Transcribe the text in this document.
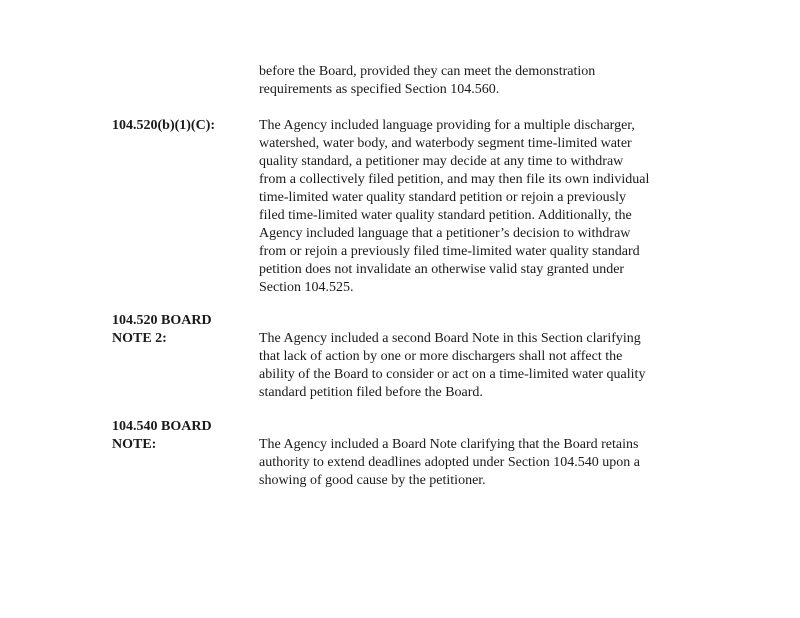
before the Board, provided they can meet the demonstration
requirements as specified Section 104.560.
104.520(b)(1)(C):	The Agency included language providing for a multiple discharger,
watershed, water body, and waterbody segment time-limited water
quality standard, a petitioner may decide at any time to withdraw
from a collectively filed petition, and may then file its own individual
time-limited water quality standard petition or rejoin a previously
filed time-limited water quality standard petition. Additionally, the
Agency included language that a petitioner’s decision to withdraw
from or rejoin a previously filed time-limited water quality standard
petition does not invalidate an otherwise valid stay granted under
Section 104.525.
104.520 BOARD
NOTE 2:	The Agency included a second Board Note in this Section clarifying
that lack of action by one or more dischargers shall not affect the
ability of the Board to consider or act on a time-limited water quality
standard petition filed before the Board.
104.540 BOARD
NOTE:	The Agency included a Board Note clarifying that the Board retains
authority to extend deadlines adopted under Section 104.540 upon a
showing of good cause by the petitioner.
